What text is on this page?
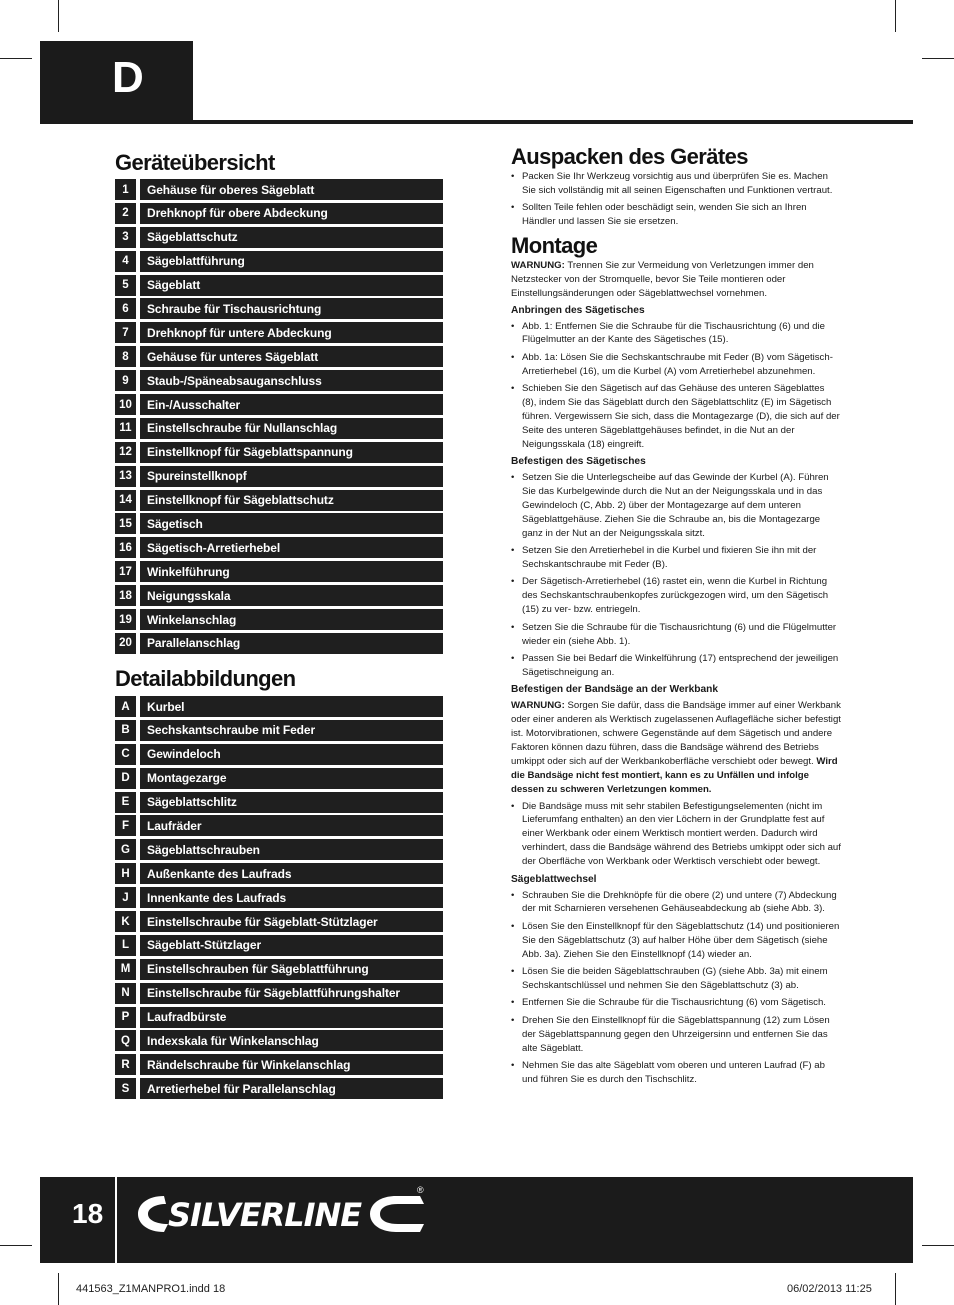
D
Geräteübersicht
1	Gehäuse für oberes Sägeblatt
2	Drehknopf für obere Abdeckung
3	Sägeblattschutz
4	Sägeblattführung
5	Sägeblatt
6	Schraube für Tischausrichtung
7	Drehknopf für untere Abdeckung
8	Gehäuse für unteres Sägeblatt
9	Staub-/Späneabsauganschluss
10	Ein-/Ausschalter
11	Einstellschraube für Nullanschlag
12	Einstellknopf für Sägeblattspannung
13	Spureinstellknopf
14	Einstellknopf für Sägeblattschutz
15	Sägetisch
16	Sägetisch-Arretierhebel
17	Winkelführung
18	Neigungsskala
19	Winkelanschlag
20	Parallelanschlag
Detailabbildungen
A	Kurbel
B	Sechskantschraube mit Feder
C	Gewindeloch
D	Montagezarge
E	Sägeblattschlitz
F	Laufräder
G	Sägeblattschrauben
H	Außenkante des Laufrads
J	Innenkante des Laufrads
K	Einstellschraube für Sägeblatt-Stützlager
L	Sägeblatt-Stützlager
M	Einstellschrauben für Sägeblattführung
N	Einstellschraube für Sägeblattführungshalter
P	Laufradbürste
Q	Indexskala für Winkelanschlag
R	Rändelschraube für Winkelanschlag
S	Arretierhebel für Parallelanschlag
Auspacken des Gerätes
• Packen Sie Ihr Werkzeug vorsichtig aus und überprüfen Sie es. Machen Sie sich vollständig mit all seinen Eigenschaften und Funktionen vertraut.
• Sollten Teile fehlen oder beschädigt sein, wenden Sie sich an Ihren Händler und lassen Sie sie ersetzen.
Montage

WARNUNG: Trennen Sie zur Vermeidung von Verletzungen immer den Netzstecker von der Stromquelle, bevor Sie Teile montieren oder Einstellungsänderungen oder Sägeblattwechsel vornehmen.

Anbringen des Sägetisches
• Abb. 1: Entfernen Sie die Schraube für die Tischausrichtung (6) und die Flügelmutter an der Kante des Sägetisches (15).
• Abb. 1a: Lösen Sie die Sechskantschraube mit Feder (B) vom Sägetisch-Arretierhebel (16), um die Kurbel (A) vom Arretierhebel abzunehmen.
• Schieben Sie den Sägetisch auf das Gehäuse des unteren Sägeblattes (8), indem Sie das Sägeblatt durch den Sägeblattschlitz (E) im Sägetisch führen. Vergewissern Sie sich, dass die Montagezarge (D), die sich auf der Seite des unteren Sägeblattgehäuses befindet, in die Nut an der Neigungsskala (18) eingreift.
Befestigen des Sägetisches
• Setzen Sie die Unterlegscheibe auf das Gewinde der Kurbel (A). Führen Sie das Kurbelgewinde durch die Nut an der Neigungsskala und in das Gewindeloch (C, Abb. 2) über der Montagezarge auf dem unteren Sägeblattgehäuse. Ziehen Sie die Schraube an, bis die Montagezarge ganz in der Nut an der Neigungsskala sitzt.
• Setzen Sie den Arretierhebel in die Kurbel und fixieren Sie ihn mit der Sechskantschraube mit Feder (B).
• Der Sägetisch-Arretierhebel (16) rastet ein, wenn die Kurbel in Richtung des Sechskantschraubenkopfes zurückgezogen wird, um den Sägetisch (15) zu ver- bzw. entriegeln.
• Setzen Sie die Schraube für die Tischausrichtung (6) und die Flügelmutter wieder ein (siehe Abb. 1).
• Passen Sie bei Bedarf die Winkelführung (17) entsprechend der jeweiligen Sägetischneigung an.
Befestigen der Bandsäge an der Werkbank

WARNUNG: Sorgen Sie dafür, dass die Bandsäge immer auf einer Werkbank oder einer anderen als Werktisch zugelassenen Auflagefläche sicher befestigt ist. Motorvibrationen, schwere Gegenstände auf dem Sägetisch und andere Faktoren können dazu führen, dass die Bandsäge während des Betriebs umkippt oder sich auf der Werkbankoberfläche verschiebt oder bewegt. Wird die Bandsäge nicht fest montiert, kann es zu Unfällen und infolge dessen zu schweren Verletzungen kommen.

• Die Bandsäge muss mit sehr stabilen Befestigungselementen (nicht im Lieferumfang enthalten) an den vier Löchern in der Grundplatte fest auf einer Werkbank oder einem Werktisch montiert werden. Dadurch wird verhindert, dass die Bandsäge während des Betriebs umkippt oder sich auf der Oberfläche von Werkbank oder Werktisch verschiebt oder bewegt.
Sägeblattwechsel
• Schrauben Sie die Drehknöpfe für die obere (2) und untere (7) Abdeckung der mit Scharnieren versehenen Gehäuseabdeckung ab (siehe Abb. 3).
• Lösen Sie den Einstellknopf für den Sägeblattschutz (14) und positionieren Sie den Sägeblattschutz (3) auf halber Höhe über dem Sägetisch (siehe Abb. 3a). Ziehen Sie den Einstellknopf (14) wieder an.
• Lösen Sie die beiden Sägeblattschrauben (G) (siehe Abb. 3a) mit einem Sechskantschlüssel und nehmen Sie den Sägeblattschutz (3) ab.
• Entfernen Sie die Schraube für die Tischausrichtung (6) vom Sägetisch.
• Drehen Sie den Einstellknopf für die Sägeblattspannung (12) zum Lösen der Sägeblattspannung gegen den Uhrzeigersinn und entfernen Sie das alte Sägeblatt.
• Nehmen Sie das alte Sägeblatt vom oberen und unteren Laufrad (F) ab und führen Sie es durch den Tischschlitz.
18 SILVERLINE
®
441563_Z1MANPRO1.indd 18	06/02/2013 11:25
